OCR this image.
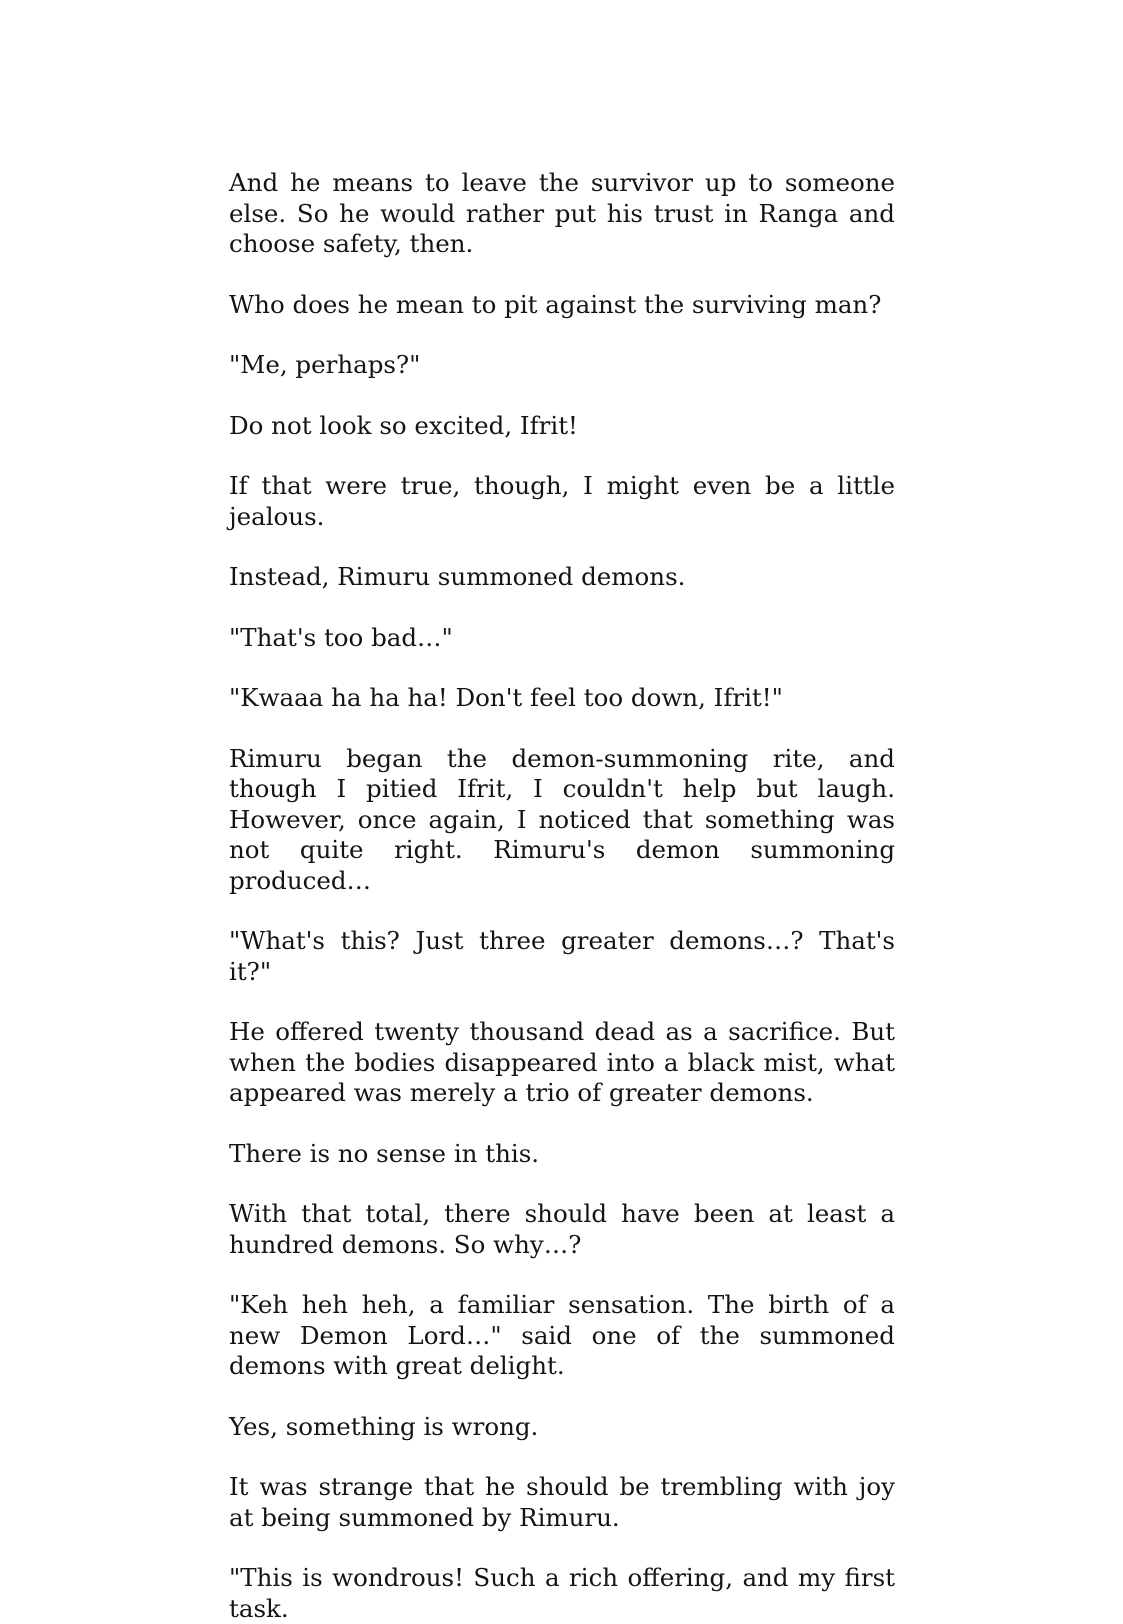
And he means to leave the survivor up to someone else. So he would rather put his trust in Ranga and choose safety, then.

Who does he mean to pit against the surviving man?

"Me, perhaps?"

Do not look so excited, Ifrit!

If that were true, though, I might even be a little jealous.

Instead, Rimuru summoned demons.

"That's too bad…"

"Kwaaa ha ha ha! Don't feel too down, Ifrit!"

Rimuru began the demon-summoning rite, and though I pitied Ifrit, I couldn't help but laugh. However, once again, I noticed that something was not quite right. Rimuru's demon summoning produced…

"What's this? Just three greater demons…? That's it?"

He offered twenty thousand dead as a sacrifice. But when the bodies disappeared into a black mist, what appeared was merely a trio of greater demons.

There is no sense in this.

With that total, there should have been at least a hundred demons. So why…?

"Keh heh heh, a familiar sensation. The birth of a new Demon Lord…" said one of the summoned demons with great delight.

Yes, something is wrong.

It was strange that he should be trembling with joy at being summoned by Rimuru.

"This is wondrous! Such a rich offering, and my first task.
